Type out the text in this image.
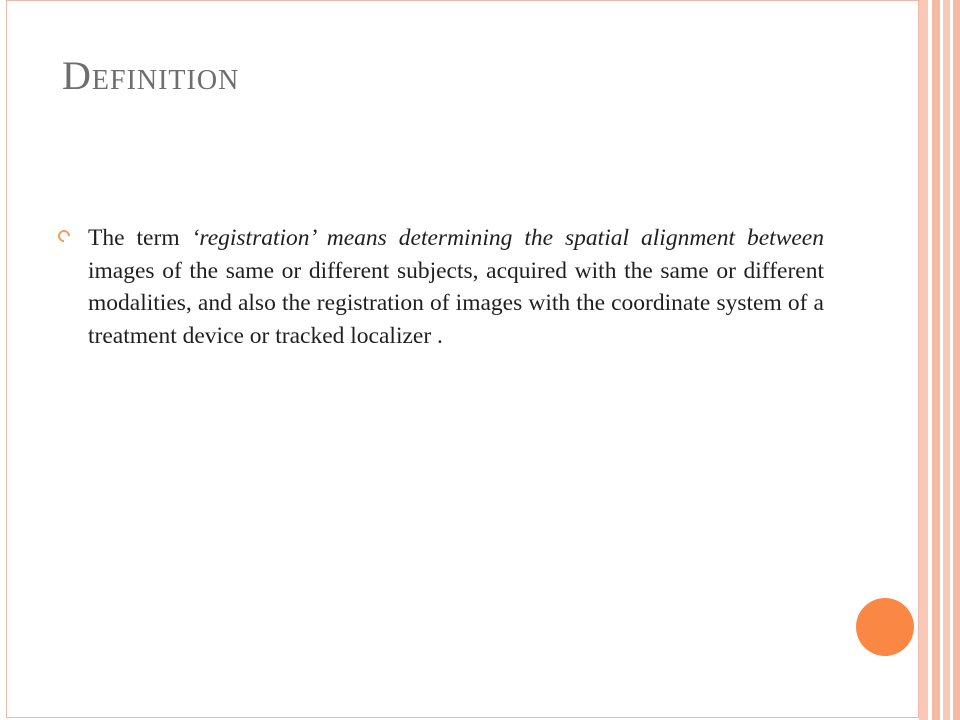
Definition

The term ‘registration’ means determining the spatial alignment between images of the same or different subjects, acquired with the same or different modalities, and also the registration of images with the coordinate system of a treatment device or tracked localizer .
